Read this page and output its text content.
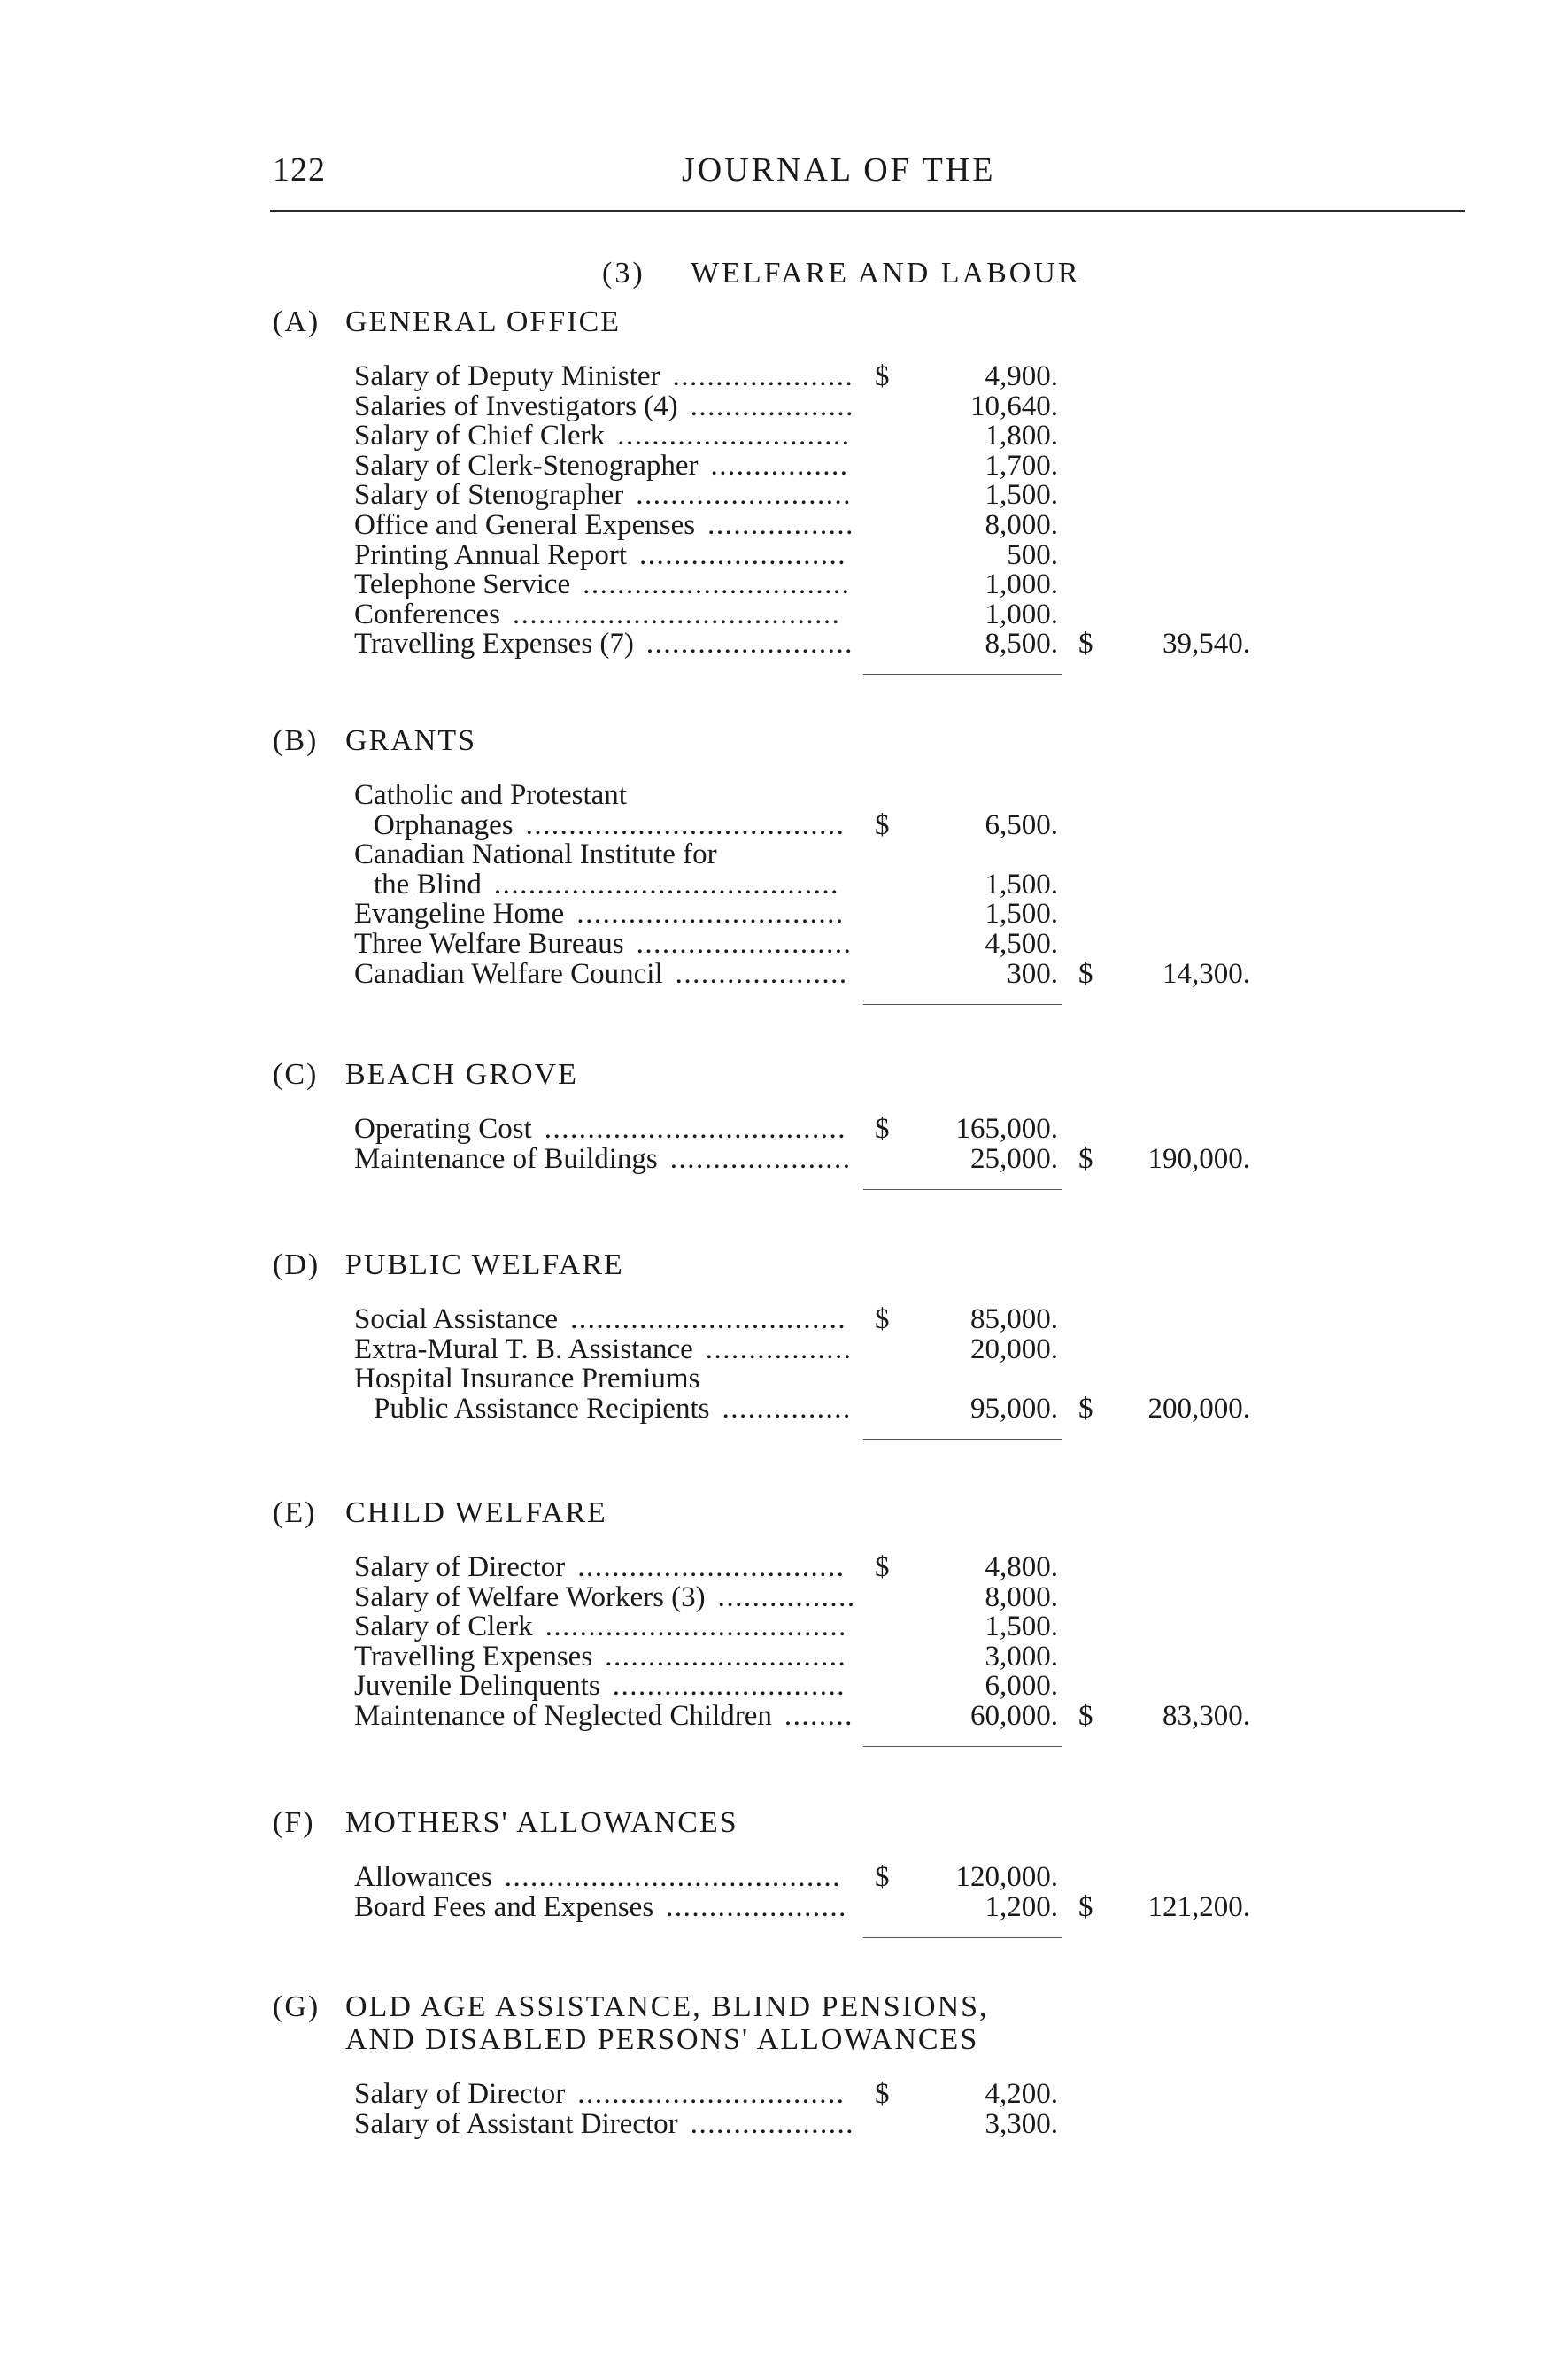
122	JOURNAL OF THE
(3) WELFARE AND LABOUR
(A) GENERAL OFFICE
Salary of Deputy Minister ..................... $	4,900.
Salaries of Investigators (4) ...................	10,640.
Salary of Chief Clerk ...........................	1,800.
Salary of Clerk-Stenographer ................	1,700.
Salary of Stenographer .........................	1,500.
Office and General Expenses .................	8,000.
Printing Annual Report ........................	500.
Telephone Service ...............................	1,000.
Conferences ......................................	1,000.
Travelling Expenses (7) ........................	8,500. $	39,540.
(B) GRANTS
Catholic and Protestant
Orphanages .....................................	$	6,500.
Canadian National Institute for
the Blind ........................................	1,500.
Evangeline Home ...............................	1,500.
Three Welfare Bureaus .........................	4,500.
Canadian Welfare Council ....................	300. $	14,300.
(C) BEACH GROVE
Operating Cost ................................... $	165,000.
Maintenance of Buildings .....................	25,000. $	190,000.
(D) PUBLIC WELFARE
Social Assistance ................................ $	85,000.
Extra-Mural T. B. Assistance .................	20,000.
Hospital Insurance Premiums
Public Assistance Recipients ...............	95,000. $	200,000.
(E) CHILD WELFARE
Salary of Director ...............................	$	4,800.
Salary of Welfare Workers (3) ................	8,000.
Salary of Clerk ...................................	1,500.
Travelling Expenses ............................	3,000.
Juvenile Delinquents ...........................	6,000.
Maintenance of Neglected Children ........	60,000. $	83,300.
(F) MOTHERS' ALLOWANCES
Allowances .......................................	$	120,000.
Board Fees and Expenses .....................	1,200. $	121,200.
(G) OLD AGE ASSISTANCE, BLIND PENSIONS,
AND DISABLED PERSONS' ALLOWANCES
Salary of Director ...............................	$	4,200.
Salary of Assistant Director ...................	3,300.
